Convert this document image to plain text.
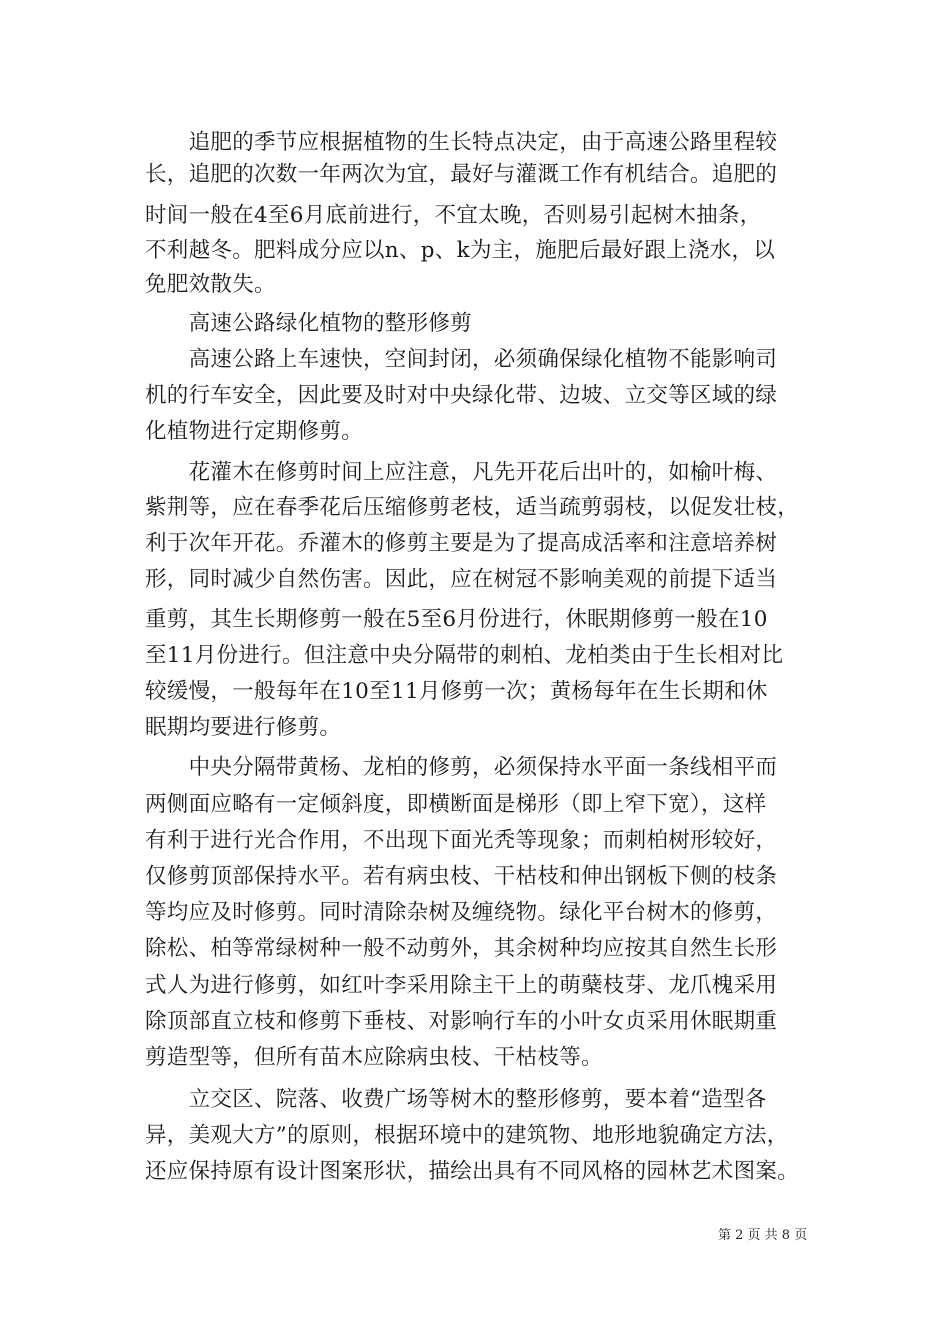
　　追肥的季节应根据植物的生长特点决定，由于高速公路里程较
长，追肥的次数一年两次为宜，最好与灌溉工作有机结合。追肥的
时间一般在4至6月底前进行，不宜太晚，否则易引起树木抽条，
不利越冬。肥料成分应以n、p、k为主，施肥后最好跟上浇水，以
免肥效散失。
　　高速公路绿化植物的整形修剪
　　高速公路上车速快，空间封闭，必须确保绿化植物不能影响司
机的行车安全，因此要及时对中央绿化带、边坡、立交等区域的绿
化植物进行定期修剪。
　　花灌木在修剪时间上应注意，凡先开花后出叶的，如榆叶梅、
紫荆等，应在春季花后压缩修剪老枝，适当疏剪弱枝，以促发壮枝，
利于次年开花。乔灌木的修剪主要是为了提高成活率和注意培养树
形，同时减少自然伤害。因此，应在树冠不影响美观的前提下适当
重剪，其生长期修剪一般在5至6月份进行，休眠期修剪一般在10
至11月份进行。但注意中央分隔带的刺柏、龙柏类由于生长相对比
较缓慢，一般每年在10至11月修剪一次；黄杨每年在生长期和休
眠期均要进行修剪。
　　中央分隔带黄杨、龙柏的修剪，必须保持水平面一条线相平而
两侧面应略有一定倾斜度，即横断面是梯形（即上窄下宽），这样
有利于进行光合作用，不出现下面光秃等现象；而刺柏树形较好，
仅修剪顶部保持水平。若有病虫枝、干枯枝和伸出钢板下侧的枝条
等均应及时修剪。同时清除杂树及缠绕物。绿化平台树木的修剪，
除松、柏等常绿树种一般不动剪外，其余树种均应按其自然生长形
式人为进行修剪，如红叶李采用除主干上的萌蘖枝芽、龙爪槐采用
除顶部直立枝和修剪下垂枝、对影响行车的小叶女贞采用休眠期重
剪造型等，但所有苗木应除病虫枝、干枯枝等。
　　立交区、院落、收费广场等树木的整形修剪，要本着“造型各
异，美观大方”的原则，根据环境中的建筑物、地形地貌确定方法，
还应保持原有设计图案形状，描绘出具有不同风格的园林艺术图案。
第 2 页 共 8 页
